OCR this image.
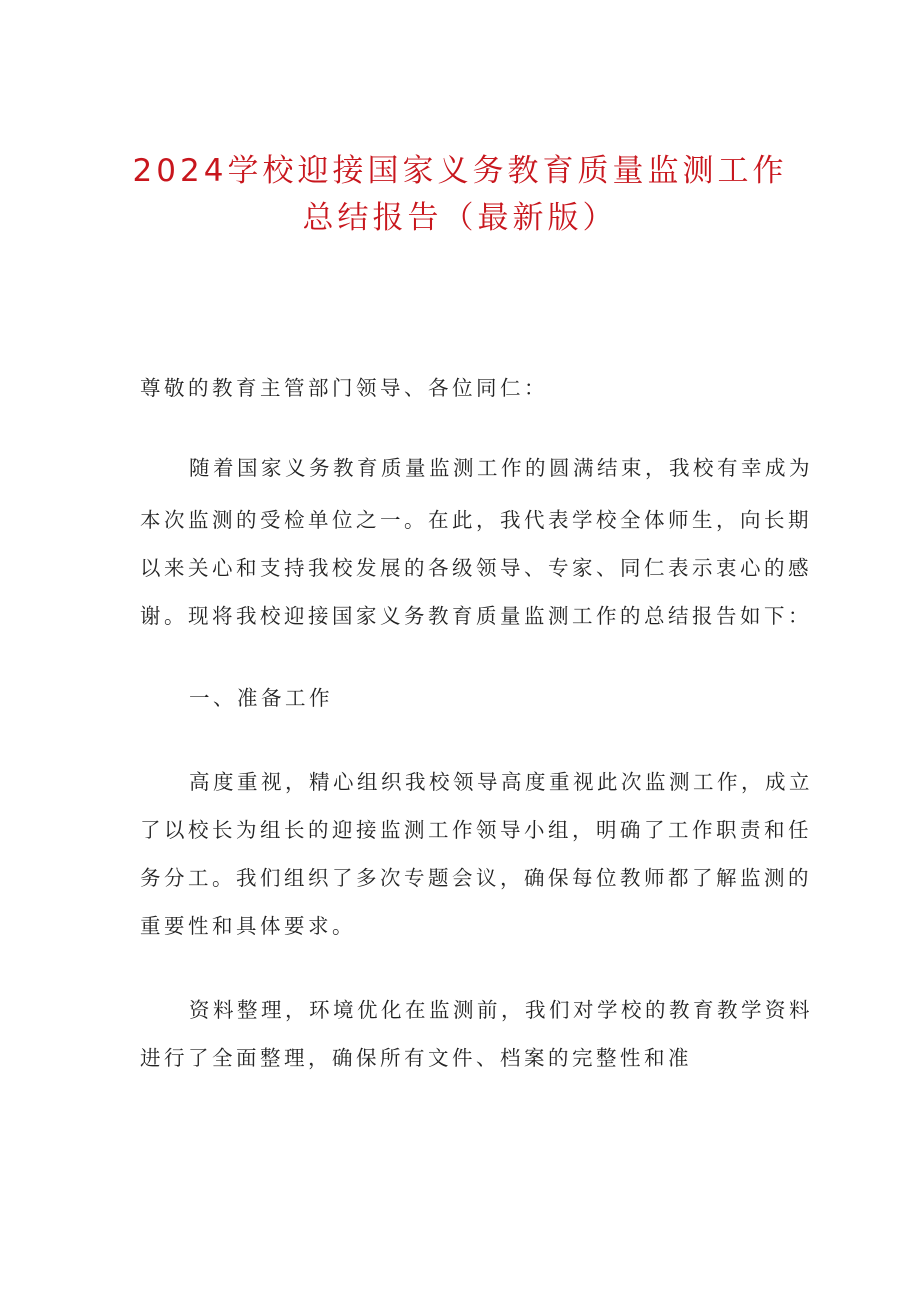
2024学校迎接国家义务教育质量监测工作
总结报告（最新版）
尊敬的教育主管部门领导、各位同仁：
随着国家义务教育质量监测工作的圆满结束，我校有幸成为
本次监测的受检单位之一。在此，我代表学校全体师生，向长期
以来关心和支持我校发展的各级领导、专家、同仁表示衷心的感
谢。现将我校迎接国家义务教育质量监测工作的总结报告如下：
一、准备工作
高度重视，精心组织我校领导高度重视此次监测工作，成立
了以校长为组长的迎接监测工作领导小组，明确了工作职责和任
务分工。我们组织了多次专题会议，确保每位教师都了解监测的
重要性和具体要求。
资料整理，环境优化在监测前，我们对学校的教育教学资料
进行了全面整理，确保所有文件、档案的完整性和准
